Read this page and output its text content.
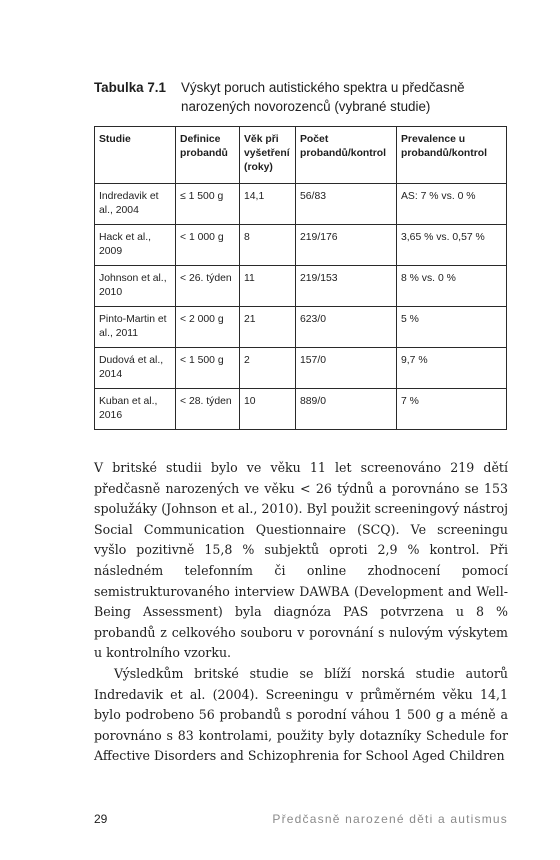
Tabulka 7.1 Výskyt poruch autistického spektra u předčasně narozených novorozenců (vybrané studie)
Studie	Definice probandů	Věk při vyšetření (roky)	Počet probandů/kontrol	Prevalence u probandů/kontrol
Indredavik et al., 2004	≤ 1 500 g	14,1	56/83	AS: 7 % vs. 0 %
Hack et al., 2009	< 1 000 g	8	219/176	3,65 % vs. 0,57 %
Johnson et al., 2010	< 26. týden	11	219/153	8 % vs. 0 %
Pinto-Martin et al., 2011	< 2 000 g	21	623/0	5 %
Dudová et al., 2014	< 1 500 g	2	157/0	9,7 %
Kuban et al., 2016	< 28. týden	10	889/0	7 %

V britské studii bylo ve věku 11 let screenováno 219 dětí předčasně narozených ve věku < 26 týdnů a porovnáno se 153 spolužáky (Johnson et al., 2010). Byl použit screeningový nástroj Social Communication Questionnaire (SCQ). Ve screeningu vyšlo pozitivně 15,8 % subjektů oproti 2,9 % kontrol. Při následném telefonním či online zhodnocení pomocí semistrukturovaného interview DAWBA (Development and Well-Being Assessment) byla diagnóza PAS potvrzena u 8 % probandů z celkového souboru v porovnání s nulovým výskytem u kontrolního vzorku.

Výsledkům britské studie se blíží norská studie autorů Indredavik et al. (2004). Screeningu v průměrném věku 14,1 bylo podrobeno 56 probandů s porodní váhou 1 500 g a méně a porovnáno s 83 kontrolami, použity byly dotazníky Schedule for Affective Disorders and Schizophrenia for School Aged Children

29	Předčasně narozené děti a autismus
